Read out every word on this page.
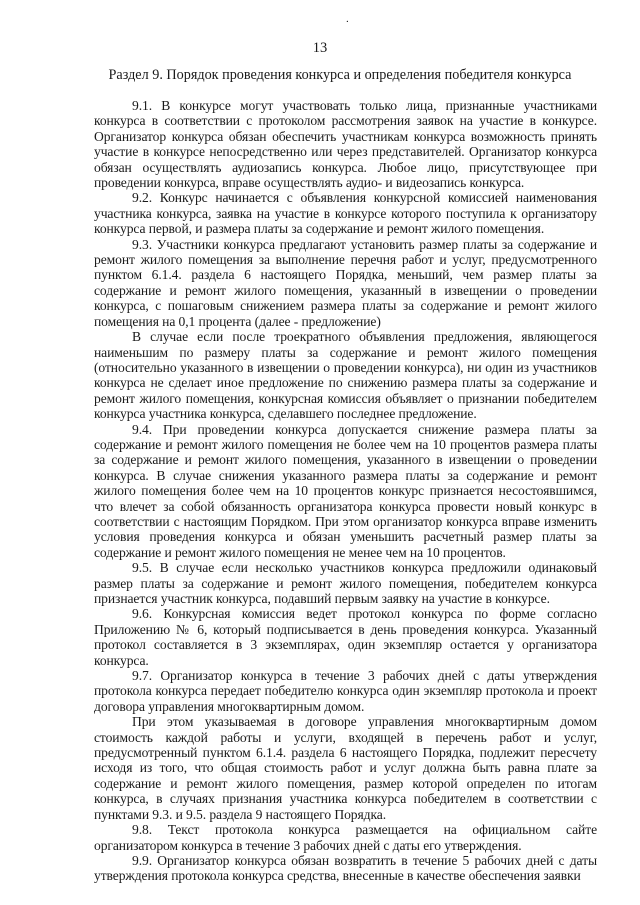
.
13
Раздел 9. Порядок проведения конкурса и определения победителя конкурса

9.1. В конкурсе могут участвовать только лица, признанные участниками конкурса в соответствии с протоколом рассмотрения заявок на участие в конкурсе. Организатор конкурса обязан обеспечить участникам конкурса возможность принять участие в конкурсе непосредственно или через представителей. Организатор конкурса обязан осуществлять аудиозапись конкурса. Любое лицо, присутствующее при проведении конкурса, вправе осуществлять аудио- и видеозапись конкурса.

9.2. Конкурс начинается с объявления конкурсной комиссией наименования участника конкурса, заявка на участие в конкурсе которого поступила к организатору конкурса первой, и размера платы за содержание и ремонт жилого помещения.

9.3. Участники конкурса предлагают установить размер платы за содержание и ремонт жилого помещения за выполнение перечня работ и услуг, предусмотренного пунктом 6.1.4. раздела 6 настоящего Порядка, меньший, чем размер платы за содержание и ремонт жилого помещения, указанный в извещении о проведении конкурса, с пошаговым снижением размера платы за содержание и ремонт жилого помещения на 0,1 процента (далее - предложение)

В случае если после троекратного объявления предложения, являющегося наименьшим по размеру платы за содержание и ремонт жилого помещения (относительно указанного в извещении о проведении конкурса), ни один из участников конкурса не сделает иное предложение по снижению размера платы за содержание и ремонт жилого помещения, конкурсная комиссия объявляет о признании победителем конкурса участника конкурса, сделавшего последнее предложение.

9.4. При проведении конкурса допускается снижение размера платы за содержание и ремонт жилого помещения не более чем на 10 процентов размера платы за содержание и ремонт жилого помещения, указанного в извещении о проведении конкурса. В случае снижения указанного размера платы за содержание и ремонт жилого помещения более чем на 10 процентов конкурс признается несостоявшимся, что влечет за собой обязанность организатора конкурса провести новый конкурс в соответствии с настоящим Порядком. При этом организатор конкурса вправе изменить условия проведения конкурса и обязан уменьшить расчетный размер платы за содержание и ремонт жилого помещения не менее чем на 10 процентов.

9.5. В случае если несколько участников конкурса предложили одинаковый размер платы за содержание и ремонт жилого помещения, победителем конкурса признается участник конкурса, подавший первым заявку на участие в конкурсе.

9.6. Конкурсная комиссия ведет протокол конкурса по форме согласно Приложению № 6, который подписывается в день проведения конкурса. Указанный протокол составляется в 3 экземплярах, один экземпляр остается у организатора конкурса.

9.7. Организатор конкурса в течение 3 рабочих дней с даты утверждения протокола конкурса передает победителю конкурса один экземпляр протокола и проект договора управления многоквартирным домом.

При этом указываемая в договоре управления многоквартирным домом стоимость каждой работы и услуги, входящей в перечень работ и услуг, предусмотренный пунктом 6.1.4. раздела 6 настоящего Порядка, подлежит пересчету исходя из того, что общая стоимость работ и услуг должна быть равна плате за содержание и ремонт жилого помещения, размер которой определен по итогам конкурса, в случаях признания участника конкурса победителем в соответствии с пунктами 9.3. и 9.5. раздела 9 настоящего Порядка.

9.8. Текст протокола конкурса размещается на официальном сайте организатором конкурса в течение 3 рабочих дней с даты его утверждения.

9.9. Организатор конкурса обязан возвратить в течение 5 рабочих дней с даты утверждения протокола конкурса средства, внесенные в качестве обеспечения заявки
